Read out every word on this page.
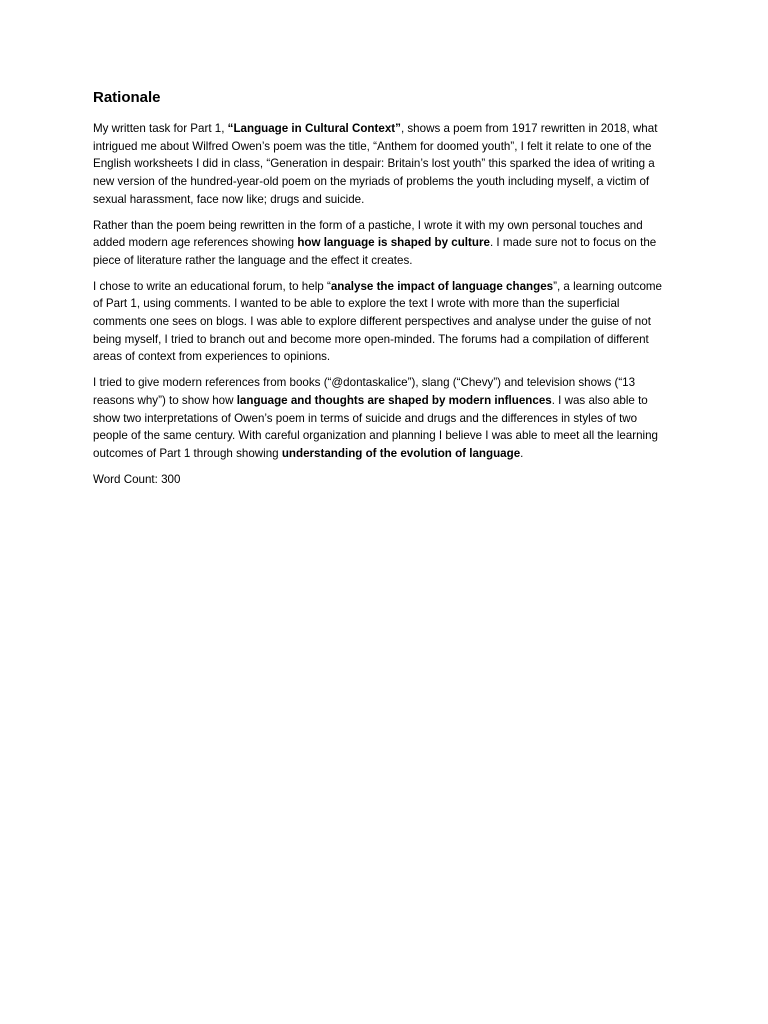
Rationale

My written task for Part 1, “Language in Cultural Context”, shows a poem from 1917 rewritten in 2018, what intrigued me about Wilfred Owen’s poem was the title, “Anthem for doomed youth”, I felt it relate to one of the English worksheets I did in class, “Generation in despair: Britain’s lost youth” this sparked the idea of writing a new version of the hundred-year-old poem on the myriads of problems the youth including myself, a victim of sexual harassment, face now like; drugs and suicide.

Rather than the poem being rewritten in the form of a pastiche, I wrote it with my own personal touches and added modern age references showing how language is shaped by culture. I made sure not to focus on the piece of literature rather the language and the effect it creates.

I chose to write an educational forum, to help “analyse the impact of language changes”, a learning outcome of Part 1, using comments. I wanted to be able to explore the text I wrote with more than the superficial comments one sees on blogs. I was able to explore different perspectives and analyse under the guise of not being myself, I tried to branch out and become more open-minded. The forums had a compilation of different areas of context from experiences to opinions.

I tried to give modern references from books (“@dontaskalice”), slang (“Chevy”) and television shows (“13 reasons why”) to show how language and thoughts are shaped by modern influences. I was also able to show two interpretations of Owen’s poem in terms of suicide and drugs and the differences in styles of two people of the same century. With careful organization and planning I believe I was able to meet all the learning outcomes of Part 1 through showing understanding of the evolution of language.

Word Count: 300
